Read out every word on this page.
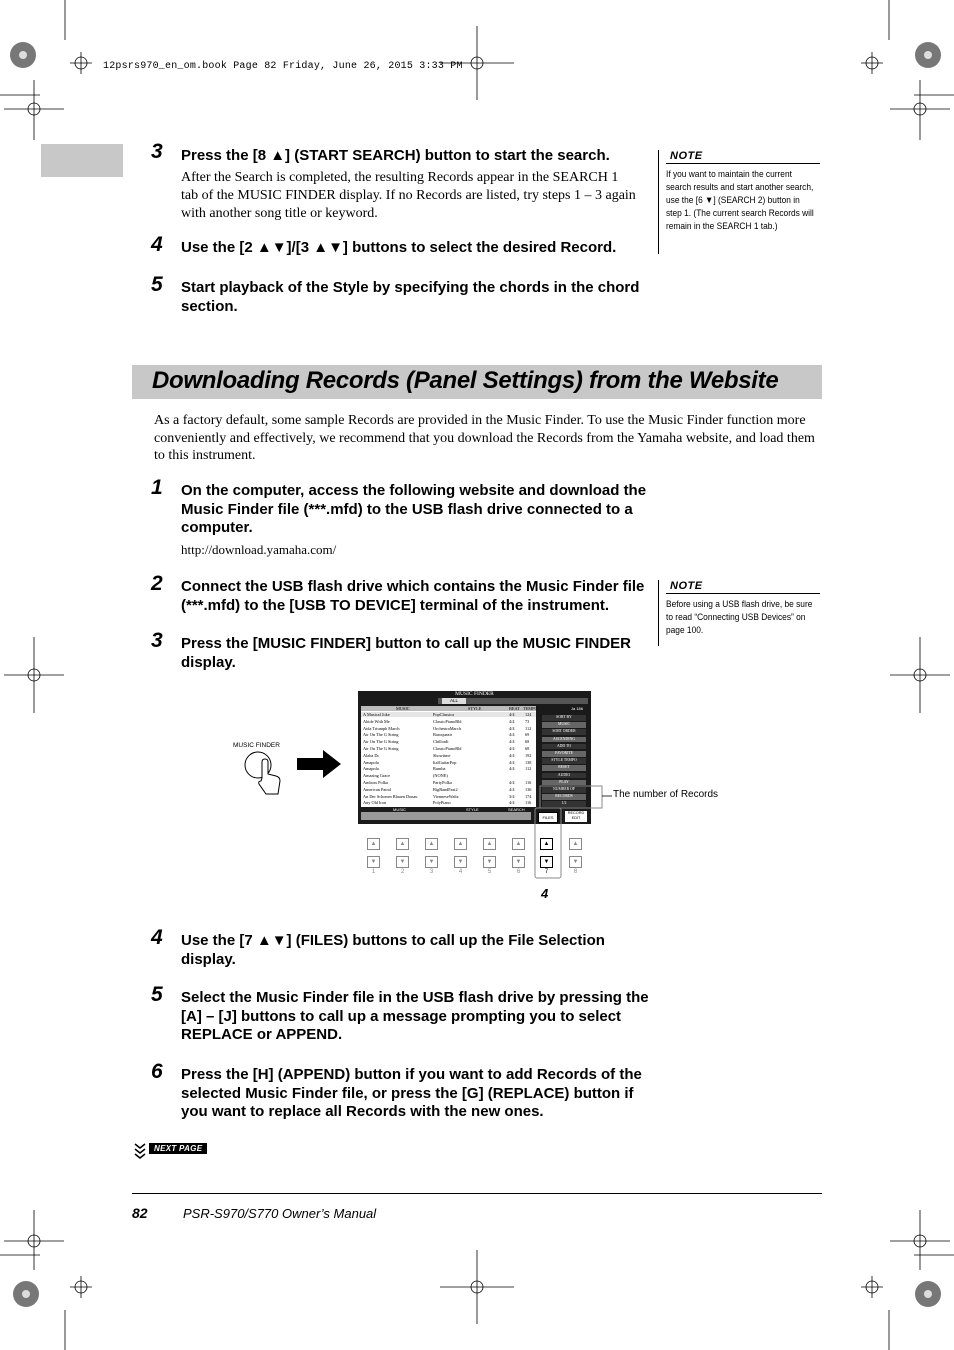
12psrs970_en_om.book Page 82 Friday, June 26, 2015 3:33 PM
3 Press the [8 ▲] (START SEARCH) button to start the search.
After the Search is completed, the resulting Records appear in the SEARCH 1 tab of the MUSIC FINDER display. If no Records are listed, try steps 1 – 3 again with another song title or keyword.
4 Use the [2 ▲▼]/[3 ▲▼] buttons to select the desired Record.
5 Start playback of the Style by specifying the chords in the chord section.
NOTE
If you want to maintain the current search results and start another search, use the [6 ▼] (SEARCH 2) button in step 1. (The current search Records will remain in the SEARCH 1 tab.)
Downloading Records (Panel Settings) from the Website
As a factory default, some sample Records are provided in the Music Finder. To use the Music Finder function more conveniently and effectively, we recommend that you download the Records from the Yamaha website, and load them to this instrument.
1 On the computer, access the following website and download the Music Finder file (***.mfd) to the USB flash drive connected to a computer.
http://download.yamaha.com/
2 Connect the USB flash drive which contains the Music Finder file (***.mfd) to the [USB TO DEVICE] terminal of the instrument.
NOTE
Before using a USB flash drive, be sure to read “Connecting USB Devices” on page 100.
3 Press the [MUSIC FINDER] button to call up the MUSIC FINDER display.
MUSIC FINDER
MUSIC FINDER
ALL
Ja 186
MUSIC	STYLE	BEAT TEMPO
A Musical Joke	PopClassica	4/4 124
Abide With Me	ClassicPianoBld	4/4 73
Aida Triumph March	OrchestraMarch	4/4 112
Air On The G String	Baroqueair	4/4 69
Air On The G String	ChillonIt	4/4 68
Air On The G String	ClassicPianoBld	4/4 68
Alaba Dc	Showtime	4/4 192
Amapola	ItalGuitarPop	4/4 138
Amapola	Rumba	4/4 112
Amazing Grace	(NONE)
Amboss Polka	PartyPolka	4/4 116
American Patrol	BigBandFast2	4/4 136
An Der Schonen Blauen Donau	VienneseWaltz	3/4 174
Any Old Iron	PolyPiano	4/4 116
SORT BY
MUSIC
SORT ORDER
ASCENDING
ADD TO
FAVORITE
STYLE TEMPO
RESET
AUDIO
PLAY
NUMBER OF
RECORDS
1/2
MUSIC	STYLE	SEARCH
FILES
RECORD EDIT
The number of Records
▲
▼
1
▲
▼
2
▲
▼
3
▲
▼
4
▲
▼
5
▲
▼
6
▲
▼
7
▲
▼
8
4
4 Use the [7 ▲▼] (FILES) buttons to call up the File Selection display.
5 Select the Music Finder file in the USB flash drive by pressing the [A] – [J] buttons to call up a message prompting you to select REPLACE or APPEND.
6 Press the [H] (APPEND) button if you want to add Records of the selected Music Finder file, or press the [G] (REPLACE) button if you want to replace all Records with the new ones.
NEXT PAGE
82	PSR-S970/S770 Owner’s Manual
